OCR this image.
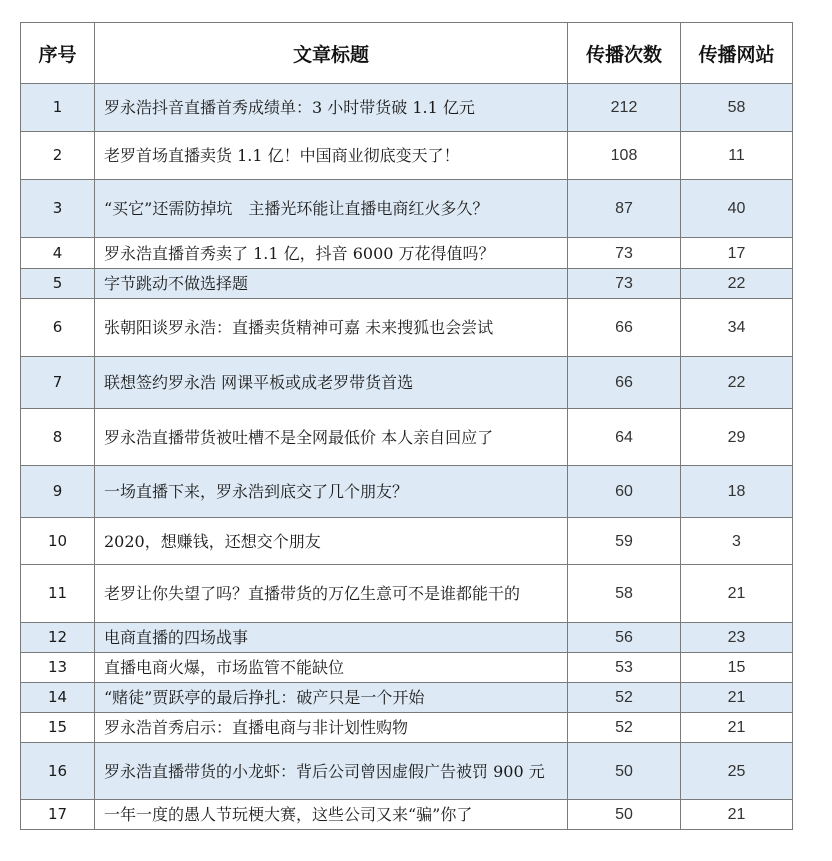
序号	文章标题	传播次数	传播网站
1	罗永浩抖音直播首秀成绩单：3 小时带货破 1.1 亿元	212	58
2	老罗首场直播卖货 1.1 亿！中国商业彻底变天了！	108	11
3	“买它”还需防掉坑　主播光环能让直播电商红火多久？	87	40
4	罗永浩直播首秀卖了 1.1 亿，抖音 6000 万花得值吗？	73	17
5	字节跳动不做选择题	73	22
6	张朝阳谈罗永浩：直播卖货精神可嘉 未来搜狐也会尝试	66	34
7	联想签约罗永浩 网课平板或成老罗带货首选	66	22
8	罗永浩直播带货被吐槽不是全网最低价 本人亲自回应了	64	29
9	一场直播下来，罗永浩到底交了几个朋友？	60	18
10	2020，想赚钱，还想交个朋友	59	3
11	老罗让你失望了吗？直播带货的万亿生意可不是谁都能干的	58	21
12	电商直播的四场战事	56	23
13	直播电商火爆，市场监管不能缺位	53	15
14	“赌徒”贾跃亭的最后挣扎：破产只是一个开始	52	21
15	罗永浩首秀启示：直播电商与非计划性购物	52	21
16	罗永浩直播带货的小龙虾：背后公司曾因虚假广告被罚 900 元	50	25
17	一年一度的愚人节玩梗大赛，这些公司又来“骗”你了	50	21
